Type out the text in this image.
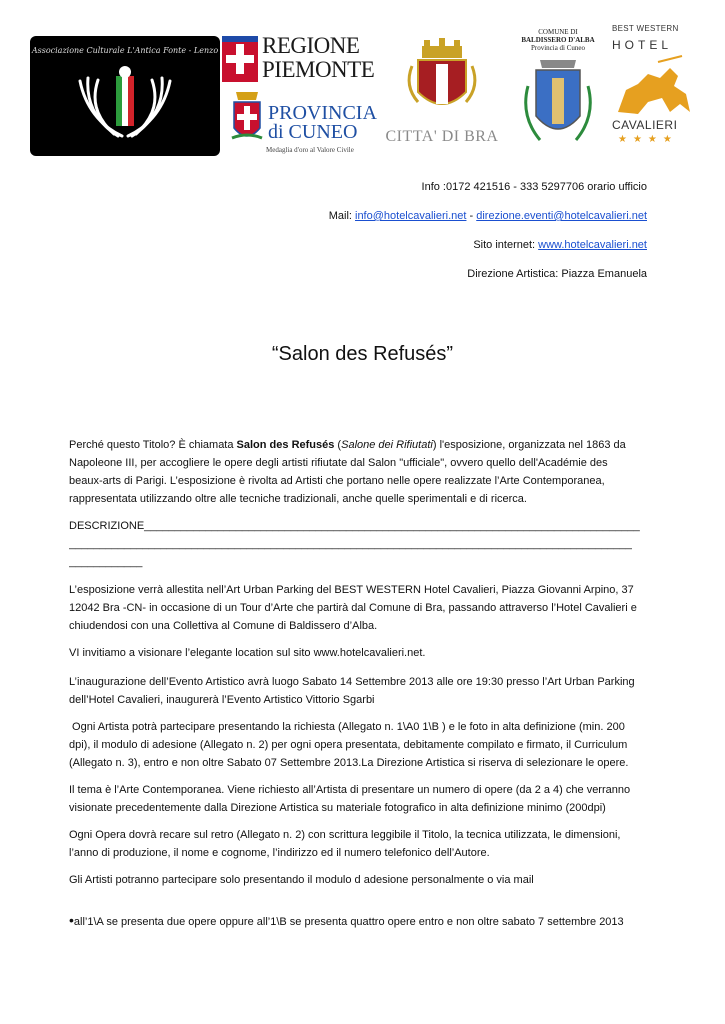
Associazione Culturale L'Antica Fonte - Lenzo REGIONE
PIEMONTE
PROVINCIA
di CUNEO
Medaglia d'oro al Valore Civile
CITTA' DI BRA
COMUNE DI
BALDISSERO D'ALBA
Provincia di Cuneo
BEST WESTERN
HOTEL
CAVALIERI
★★★★
Info :0172 421516 - 333 5297706 orario ufficio
Mail: info@hotelcavalieri.net - direzione.eventi@hotelcavalieri.net
Sito internet: www.hotelcavalieri.net
Direzione Artistica: Piazza Emanuela
“Salon des Refusés”
Perché questo Titolo? È chiamata Salon des Refusés (Salone dei Rifiutati) l'esposizione, organizzata nel 1863 da
Napoleone III, per accogliere le opere degli artisti rifiutate dal Salon "ufficiale", ovvero quello dell'Académie des
beaux-arts di Parigi. L’esposizione è rivolta ad Artisti che portano nelle opere realizzate l’Arte Contemporanea,
rappresentata utilizzando oltre alle tecniche tradizionali, anche quelle sperimentali e di ricerca.
DESCRIZIONE_________________________________________________________________________________
____________________________________________________________________________________________
____________
L’esposizione verrà allestita nell’Art Urban Parking del BEST WESTERN Hotel Cavalieri, Piazza Giovanni Arpino, 37
12042 Bra -CN- in occasione di un Tour d’Arte che partirà dal Comune di Bra, passando attraverso l’Hotel Cavalieri e
chiudendosi con una Collettiva al Comune di Baldissero d’Alba.
VI invitiamo a visionare l’elegante location sul sito www.hotelcavalieri.net.
L’inaugurazione dell’Evento Artistico avrà luogo Sabato 14 Settembre 2013 alle ore 19:30 presso l’Art Urban Parking
dell’Hotel Cavalieri, inaugurerà l’Evento Artistico Vittorio Sgarbi
Ogni Artista potrà partecipare presentando la richiesta (Allegato n. 1\A0 1\B ) e le foto in alta definizione (min. 200
dpi), il modulo di adesione (Allegato n. 2) per ogni opera presentata, debitamente compilato e firmato, il Curriculum
(Allegato n. 3), entro e non oltre Sabato 07 Settembre 2013.La Direzione Artistica si riserva di selezionare le opere.
Il tema è l’Arte Contemporanea. Viene richiesto all’Artista di presentare un numero di opere (da 2 a 4) che verranno
visionate precedentemente dalla Direzione Artistica su materiale fotografico in alta definizione minimo (200dpi)
Ogni Opera dovrà recare sul retro (Allegato n. 2) con scrittura leggibile il Titolo, la tecnica utilizzata, le dimensioni,
l’anno di produzione, il nome e cognome, l’indirizzo ed il numero telefonico dell’Autore.
Gli Artisti potranno partecipare solo presentando il modulo d adesione personalmente o via mail
•all’1\A se presenta due opere oppure all’1\B se presenta quattro opere entro e non oltre sabato 7 settembre 2013
